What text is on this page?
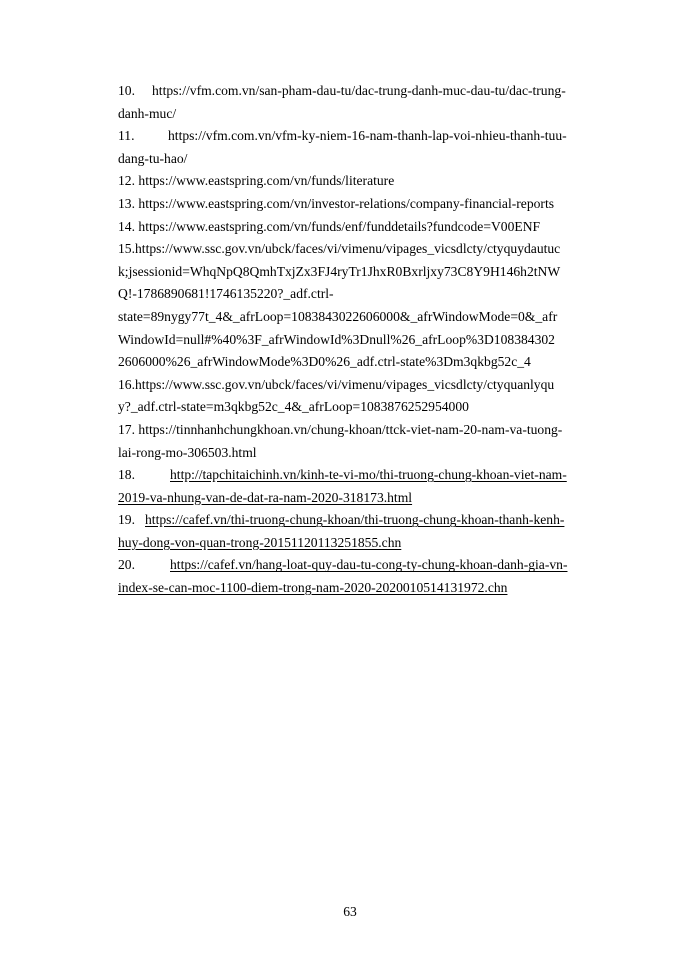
10. https://vfm.com.vn/san-pham-dau-tu/dac-trung-danh-muc-dau-tu/dac-trung-
danh-muc/
11. https://vfm.com.vn/vfm-ky-niem-16-nam-thanh-lap-voi-nhieu-thanh-tuu-
dang-tu-hao/
12. https://www.eastspring.com/vn/funds/literature
13. https://www.eastspring.com/vn/investor-relations/company-financial-reports
14. https://www.eastspring.com/vn/funds/enf/funddetails?fundcode=V00ENF
15.https://www.ssc.gov.vn/ubck/faces/vi/vimenu/vipages_vicsdlcty/ctyquydautuc
k;jsessionid=WhqNpQ8QmhTxjZx3FJ4ryTr1JhxR0Bxrljxy73C8Y9H146h2tNW
Q!-1786890681!1746135220?_adf.ctrl-
state=89nygy77t_4&_afrLoop=1083843022606000&_afrWindowMode=0&_afr
WindowId=null#%40%3F_afrWindowId%3Dnull%26_afrLoop%3D108384302
2606000%26_afrWindowMode%3D0%26_adf.ctrl-state%3Dm3qkbg52c_4
16.https://www.ssc.gov.vn/ubck/faces/vi/vimenu/vipages_vicsdlcty/ctyquanlyqu
y?_adf.ctrl-state=m3qkbg52c_4&_afrLoop=1083876252954000
17. https://tinnhanhchungkhoan.vn/chung-khoan/ttck-viet-nam-20-nam-va-tuong-
lai-rong-mo-306503.html
18.	http://tapchitaichinh.vn/kinh-te-vi-mo/thi-truong-chung-khoan-viet-nam-
2019-va-nhung-van-de-dat-ra-nam-2020-318173.html
19. https://cafef.vn/thi-truong-chung-khoan/thi-truong-chung-khoan-thanh-kenh-
huy-dong-von-quan-trong-20151120113251855.chn
20.	https://cafef.vn/hang-loat-quy-dau-tu-cong-ty-chung-khoan-danh-gia-vn-
index-se-can-moc-1100-diem-trong-nam-2020-2020010514131972.chn
63
